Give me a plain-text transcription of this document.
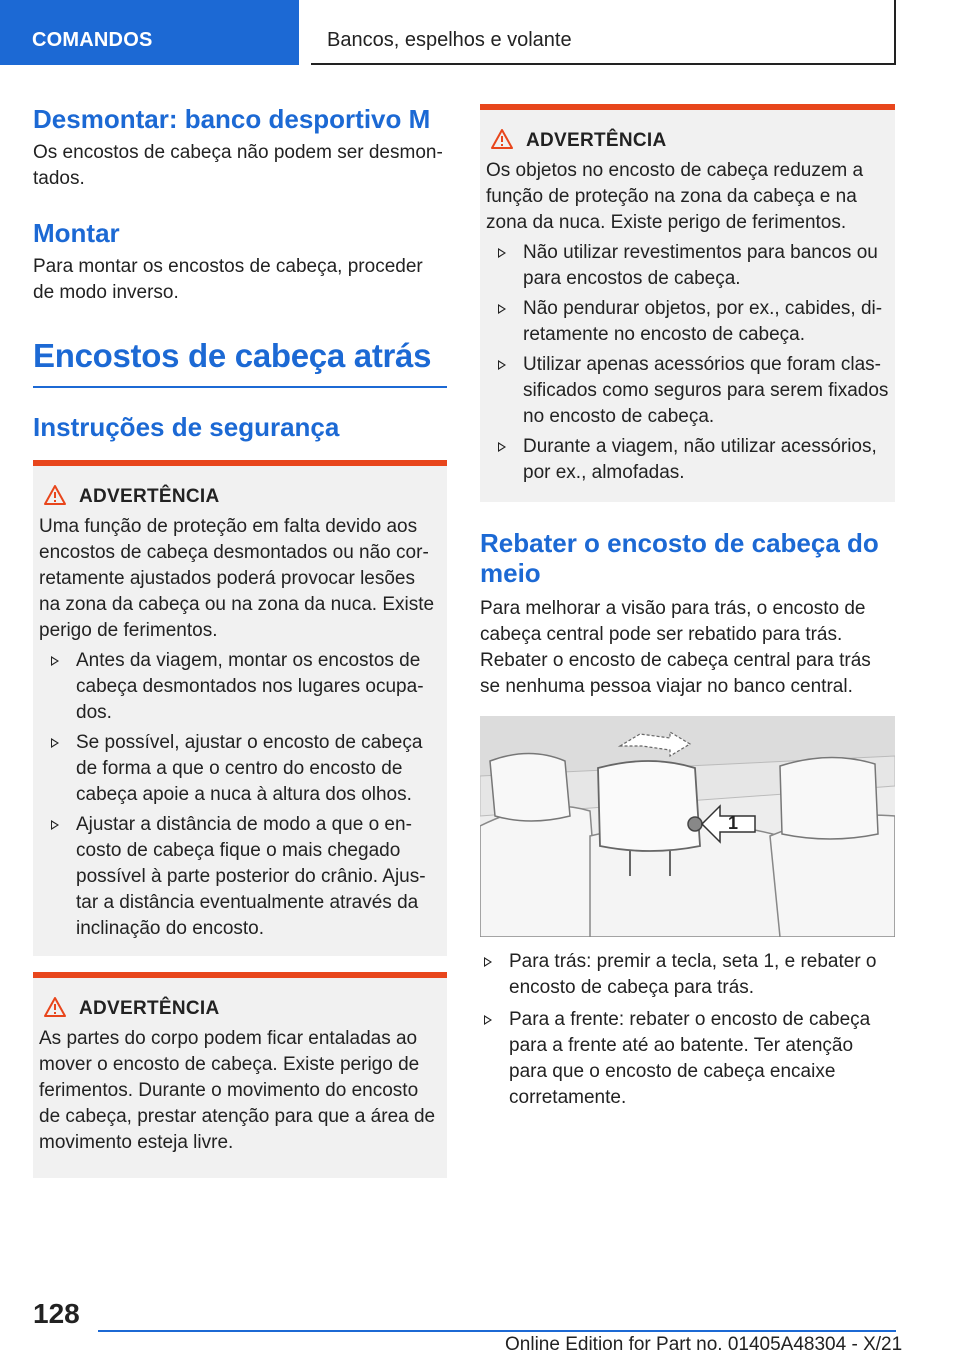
COMANDOS	Bancos, espelhos e volante
Desmontar: banco desportivo M
Os encostos de cabeça não podem ser desmontados.
Montar
Para montar os encostos de cabeça, proceder de modo inverso.
Encostos de cabeça atrás
Instruções de segurança
ADVERTÊNCIA
Uma função de proteção em falta devido aos encostos de cabeça desmontados ou não corretamente ajustados poderá provocar lesões na zona da cabeça ou na zona da nuca. Existe perigo de ferimentos.
Antes da viagem, montar os encostos de cabeça desmontados nos lugares ocupados.
Se possível, ajustar o encosto de cabeça de forma a que o centro do encosto de cabeça apoie a nuca à altura dos olhos.
Ajustar a distância de modo a que o encosto de cabeça fique o mais chegado possível à parte posterior do crânio. Ajustar a distância eventualmente através da inclinação do encosto.
ADVERTÊNCIA
As partes do corpo podem ficar entaladas ao mover o encosto de cabeça. Existe perigo de ferimentos. Durante o movimento do encosto de cabeça, prestar atenção para que a área de movimento esteja livre.
ADVERTÊNCIA
Os objetos no encosto de cabeça reduzem a função de proteção na zona da cabeça e na zona da nuca. Existe perigo de ferimentos.
Não utilizar revestimentos para bancos ou para encostos de cabeça.
Não pendurar objetos, por ex., cabides, diretamente no encosto de cabeça.
Utilizar apenas acessórios que foram classificados como seguros para serem fixados no encosto de cabeça.
Durante a viagem, não utilizar acessórios, por ex., almofadas.
Rebater o encosto de cabeça do meio
Para melhorar a visão para trás, o encosto de cabeça central pode ser rebatido para trás. Rebater o encosto de cabeça central para trás se nenhuma pessoa viajar no banco central.
1
Para trás: premir a tecla, seta 1, e rebater o encosto de cabeça para trás.
Para a frente: rebater o encosto de cabeça para a frente até ao batente. Ter atenção para que o encosto de cabeça encaixe corretamente.
128
Online Edition for Part no. 01405A48304 - X/21
